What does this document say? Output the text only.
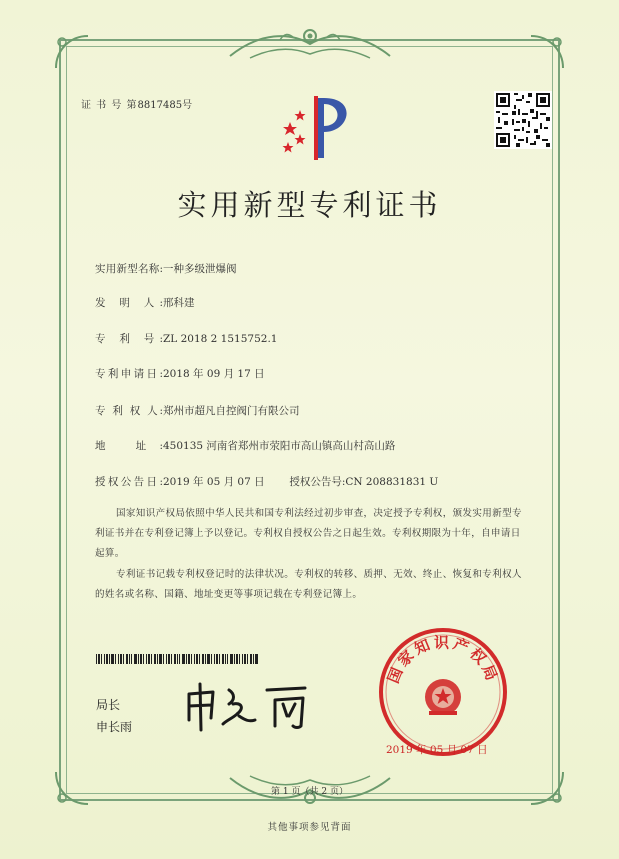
证 书 号 第8817485号
实用新型专利证书
实用新型名称:一种多级泄爆阀
发 明 人:邢科建
专 利 号:ZL 2018 2 1515752.1
专利申请日:2018 年 09 月 17 日
专 利 权 人:郑州市超凡自控阀门有限公司
地 址:450135 河南省郑州市荥阳市高山镇高山村高山路
授权公告日:2019 年 05 月 07 日 授权公告号:CN 208831831 U
国家知识产权局依照中华人民共和国专利法经过初步审查，决定授予专利权，颁发实用新型专利证书并在专利登记簿上予以登记。专利权自授权公告之日起生效。专利权期限为十年，自申请日起算。
专利证书记载专利权登记时的法律状况。专利权的转移、质押、无效、终止、恢复和专利权人的姓名或名称、国籍、地址变更等事项记载在专利登记簿上。
局长
申长雨
国家知识产权局
2019 年 05 月 07 日
第 1 页（共 2 页）
其他事项参见背面
